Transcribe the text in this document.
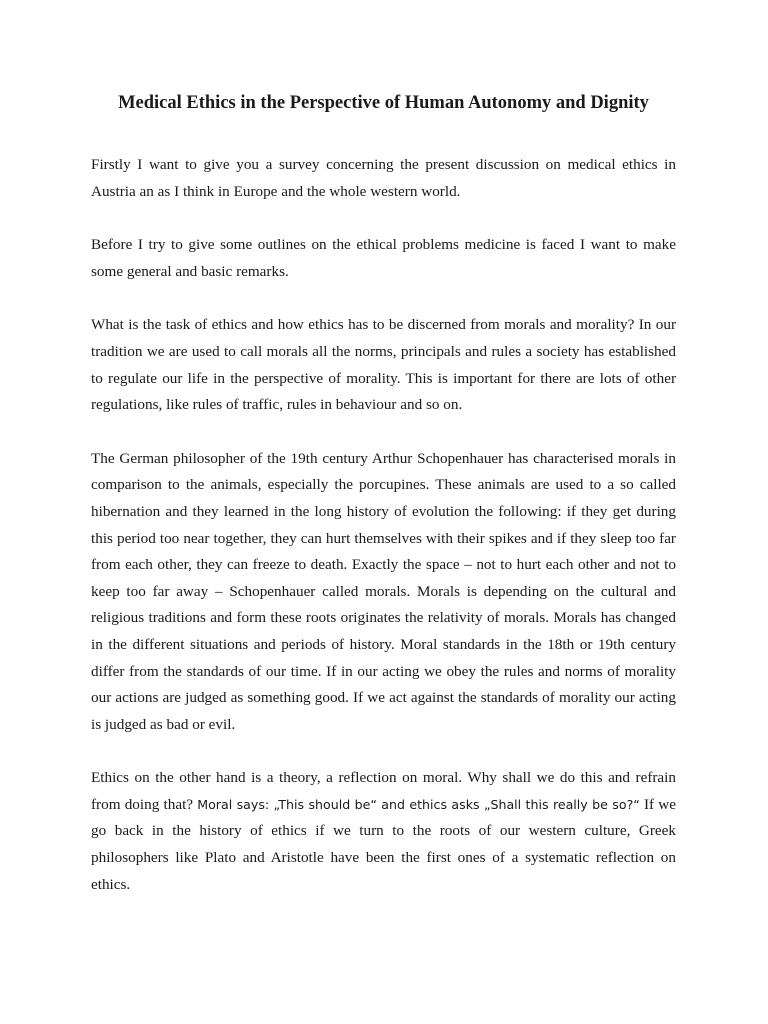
Medical Ethics in the Perspective of Human Autonomy and Dignity

Firstly I want to give you a survey concerning the present discussion on medical ethics in Austria an as I think in Europe and the whole western world.

Before I try to give some outlines on the ethical problems medicine is faced I want to make some general and basic remarks.

What is the task of ethics and how ethics has to be discerned from morals and morality? In our tradition we are used to call morals all the norms, principals and rules a society has established to regulate our life in the perspective of morality. This is important for there are lots of other regulations, like rules of traffic, rules in behaviour and so on.

The German philosopher of the 19th century Arthur Schopenhauer has characterised morals in comparison to the animals, especially the porcupines. These animals are used to a so called hibernation and they learned in the long history of evolution the following: if they get during this period too near together, they can hurt themselves with their spikes and if they sleep too far from each other, they can freeze to death. Exactly the space – not to hurt each other and not to keep too far away – Schopenhauer called morals. Morals is depending on the cultural and religious traditions and form these roots originates the relativity of morals. Morals has changed in the different situations and periods of history. Moral standards in the 18th or 19th century differ from the standards of our time. If in our acting we obey the rules and norms of morality our actions are judged as something good. If we act against the standards of morality our acting is judged as bad or evil.

Ethics on the other hand is a theory, a reflection on moral. Why shall we do this and refrain from doing that? Moral says: „This should be“ and ethics asks „Shall this really be so?“ If we go back in the history of ethics if we turn to the roots of our western culture, Greek philosophers like Plato and Aristotle have been the first ones of a systematic reflection on ethics.
